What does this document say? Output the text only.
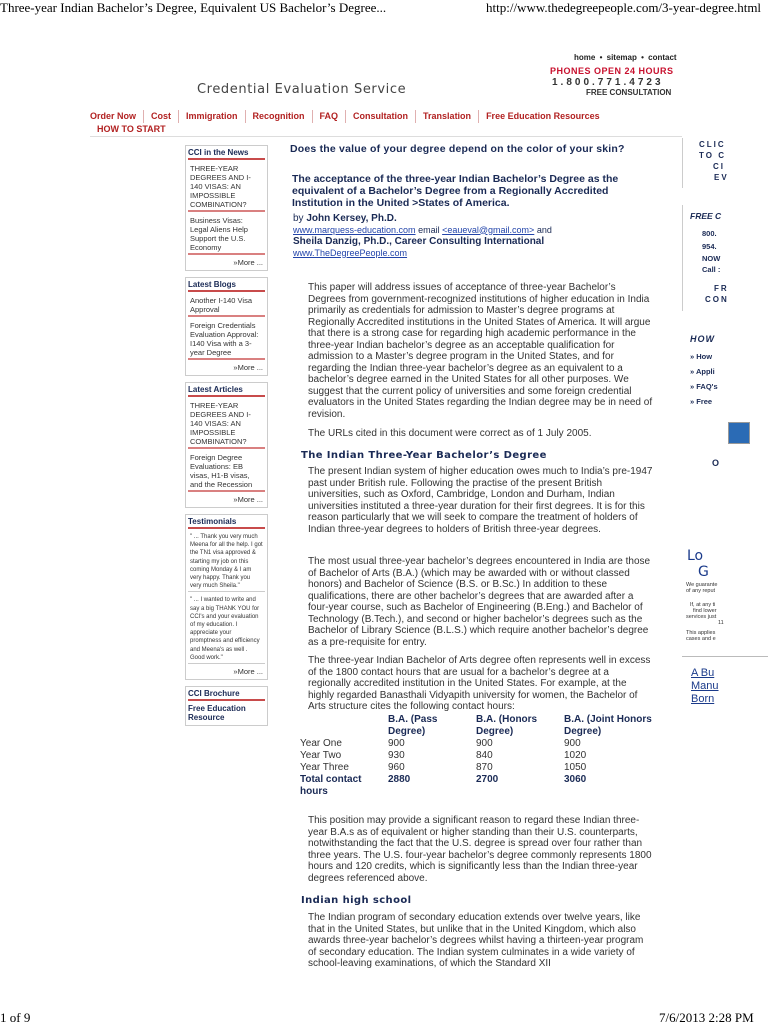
Three-year Indian Bachelor’s Degree, Equivalent US Bachelor’s Degree...	http://www.thedegreepeople.com/3-year-degree.html
1 of 9	7/6/2013 2:28 PM
home • sitemap • contact
PHONES OPEN 24 HOURS
1.800.771.4723
FREE CONSULTATION
Credential Evaluation Service
Order Now Cost Immigration Recognition FAQ Consultation Translation Free Education Resources
HOW TO START
CCI in the News
THREE-YEAR DEGREES AND I-140 VISAS: AN IMPOSSIBLE COMBINATION?
Business Visas: Legal Aliens Help Support the U.S. Economy
»More ...
Latest Blogs
Another I-140 Visa Approval
Foreign Credentials Evaluation Approval: I140 Visa with a 3-year Degree
»More ...
Latest Articles
THREE-YEAR DEGREES AND I-140 VISAS: AN IMPOSSIBLE COMBINATION?
Foreign Degree Evaluations: EB visas, H1-B visas, and the Recession
»More ...
Testimonials
" ... Thank you very much Meena for all the help. I got the TN1 visa approved & starting my job on this coming Monday & I am very happy. Thank you very much Sheila."
" ... I wanted to write and say a big THANK YOU for CCI's and your evaluation of my education. I appreciate your promptness and efficiency and Meena's as well . Good work."
»More ...
CCI Brochure
Free Education Resource
Does the value of your degree depend on the color of your skin?
The acceptance of the three-year Indian Bachelor’s Degree as the equivalent of a Bachelor’s Degree from a Regionally Accredited Institution in the United >States of America.
by John Kersey, Ph.D.
www.marquess-education.com email <eaueval@gmail.com> and
Sheila Danzig, Ph.D., Career Consulting International
www.TheDegreePeople.com
This paper will address issues of acceptance of three-year Bachelor’s Degrees from government-recognized institutions of higher education in India primarily as credentials for admission to Master’s degree programs at Regionally Accredited institutions in the United States of America. It will argue that there is a strong case for regarding high academic performance in the three-year Indian bachelor’s degree as an acceptable qualification for admission to a Master’s degree program in the United States, and for regarding the Indian three-year bachelor’s degree as an equivalent to a bachelor’s degree earned in the United States for all other purposes. We suggest that the current policy of universities and some foreign credential evaluators in the United States regarding the Indian degree may be in need of revision.
The URLs cited in this document were correct as of 1 July 2005.
The Indian Three-Year Bachelor’s Degree
The present Indian system of higher education owes much to India’s pre-1947 past under British rule. Following the practise of the present British universities, such as Oxford, Cambridge, London and Durham, Indian universities instituted a three-year duration for their first degrees. It is for this reason particularly that we will seek to compare the treatment of holders of Indian three-year degrees to holders of British three-year degrees.
The most usual three-year bachelor’s degrees encountered in India are those of Bachelor of Arts (B.A.) (which may be awarded with or without classed honors) and Bachelor of Science (B.S. or B.Sc.) In addition to these qualifications, there are other bachelor’s degrees that are awarded after a four-year course, such as Bachelor of Engineering (B.Eng.) and Bachelor of Technology (B.Tech.), and second or higher bachelor’s degrees such as the Bachelor of Library Science (B.L.S.) which require another bachelor’s degree as a pre-requisite for entry.
The three-year Indian Bachelor of Arts degree often represents well in excess of the 1800 contact hours that are usual for a bachelor’s degree at a regionally accredited institution in the United States. For example, at the highly regarded Banasthali Vidyapith university for women, the Bachelor of Arts structure cites the following contact hours:
	B.A. (Pass Degree)	B.A. (Honors Degree)	B.A. (Joint Honors Degree)
Year One	900	900	900
Year Two	930	840	1020
Year Three	960	870	1050
Total contact hours	2880	2700	3060
This position may provide a significant reason to regard these Indian three-year B.A.s as of equivalent or higher standing than their U.S. counterparts, notwithstanding the fact that the U.S. degree is spread over four rather than three years. The U.S. four-year bachelor’s degree commonly represents 1800 hours and 120 credits, which is significantly less than the Indian three-year degrees referenced above.
Indian high school
The Indian program of secondary education extends over twelve years, like that in the United States, but unlike that in the United Kingdom, which also awards three-year bachelor’s degrees whilst having a thirteen-year program of secondary education. The Indian system culminates in a wide variety of school-leaving examinations, of which the Standard XII
CLIC
TO C
CI
EV
FREE C
800.
954.
NOW
Call :
FR
CON
HOW
» How
» Appli
» FAQ's
» Free
O
Lo
G
We guarante
of any reput
If, at any ti
find lower
services just
11
This applies
cases and e
A Bu
Manu
Born
